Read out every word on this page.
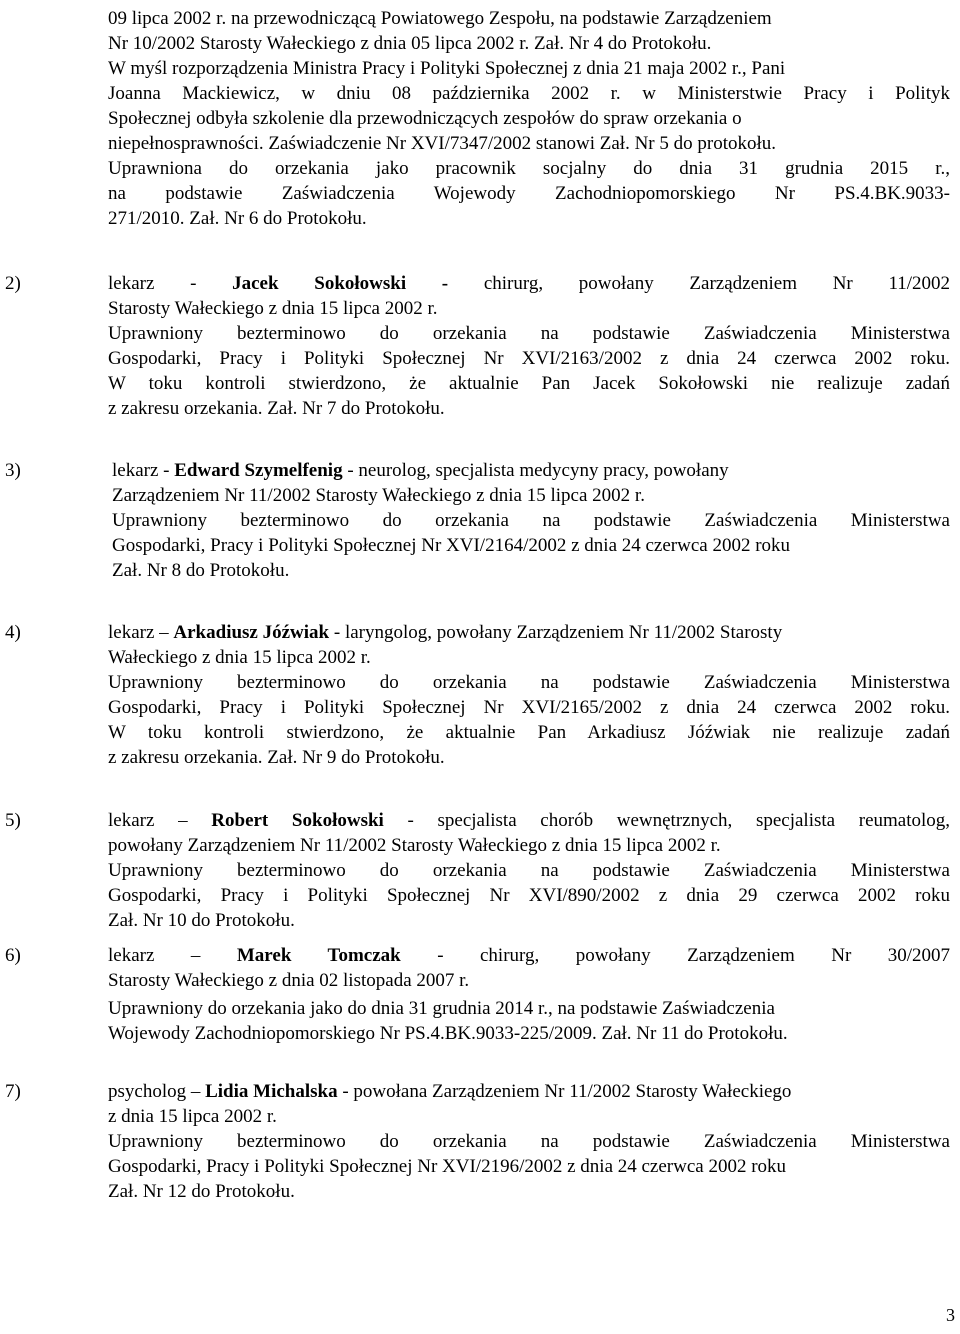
09 lipca 2002 r. na przewodniczącą Powiatowego Zespołu, na podstawie Zarządzeniem
Nr 10/2002 Starosty Wałeckiego z dnia 05 lipca 2002 r. Zał. Nr 4 do Protokołu.
W myśl rozporządzenia Ministra Pracy i Polityki Społecznej z dnia 21 maja 2002 r., Pani
Joanna Mackiewicz, w dniu 08 października 2002 r. w Ministerstwie Pracy i Polityk
Społecznej odbyła szkolenie dla przewodniczących zespołów do spraw orzekania o
niepełnosprawności. Zaświadczenie Nr XVI/7347/2002 stanowi Zał. Nr 5 do protokołu.
Uprawniona do orzekania jako pracownik socjalny do dnia 31 grudnia 2015 r.,
na podstawie Zaświadczenia Wojewody Zachodniopomorskiego Nr PS.4.BK.9033-
271/2010. Zał. Nr 6 do Protokołu.
2)	lekarz - Jacek Sokołowski - chirurg, powołany Zarządzeniem Nr 11/2002
Starosty Wałeckiego z dnia 15 lipca 2002 r.
Uprawniony bezterminowo do orzekania na podstawie Zaświadczenia Ministerstwa
Gospodarki, Pracy i Polityki Społecznej Nr XVI/2163/2002 z dnia 24 czerwca 2002 roku.
W toku kontroli stwierdzono, że aktualnie Pan Jacek Sokołowski nie realizuje zadań
z zakresu orzekania. Zał. Nr 7 do Protokołu.
3)	lekarz - Edward Szymelfenig - neurolog, specjalista medycyny pracy, powołany
Zarządzeniem Nr 11/2002 Starosty Wałeckiego z dnia 15 lipca 2002 r.
Uprawniony bezterminowo do orzekania na podstawie Zaświadczenia Ministerstwa
Gospodarki, Pracy i Polityki Społecznej Nr XVI/2164/2002 z dnia 24 czerwca 2002 roku
Zał. Nr 8 do Protokołu.
4)	lekarz – Arkadiusz Jóźwiak - laryngolog, powołany Zarządzeniem Nr 11/2002 Starosty
Wałeckiego z dnia 15 lipca 2002 r.
Uprawniony bezterminowo do orzekania na podstawie Zaświadczenia Ministerstwa
Gospodarki, Pracy i Polityki Społecznej Nr XVI/2165/2002 z dnia 24 czerwca 2002 roku.
W toku kontroli stwierdzono, że aktualnie Pan Arkadiusz Jóźwiak nie realizuje zadań
z zakresu orzekania. Zał. Nr 9 do Protokołu.
5)	lekarz – Robert Sokołowski - specjalista chorób wewnętrznych, specjalista reumatolog,
powołany Zarządzeniem Nr 11/2002 Starosty Wałeckiego z dnia 15 lipca 2002 r.
Uprawniony bezterminowo do orzekania na podstawie Zaświadczenia Ministerstwa
Gospodarki, Pracy i Polityki Społecznej Nr XVI/890/2002 z dnia 29 czerwca 2002 roku
Zał. Nr 10 do Protokołu.
6)	lekarz – Marek Tomczak - chirurg, powołany Zarządzeniem Nr 30/2007
Starosty Wałeckiego z dnia 02 listopada 2007 r.
Uprawniony do orzekania jako do dnia 31 grudnia 2014 r., na podstawie Zaświadczenia
Wojewody Zachodniopomorskiego Nr PS.4.BK.9033-225/2009. Zał. Nr 11 do Protokołu.
7)	psycholog – Lidia Michalska - powołana Zarządzeniem Nr 11/2002 Starosty Wałeckiego
z dnia 15 lipca 2002 r.
Uprawniony bezterminowo do orzekania na podstawie Zaświadczenia Ministerstwa
Gospodarki, Pracy i Polityki Społecznej Nr XVI/2196/2002 z dnia 24 czerwca 2002 roku
Zał. Nr 12 do Protokołu.
3
